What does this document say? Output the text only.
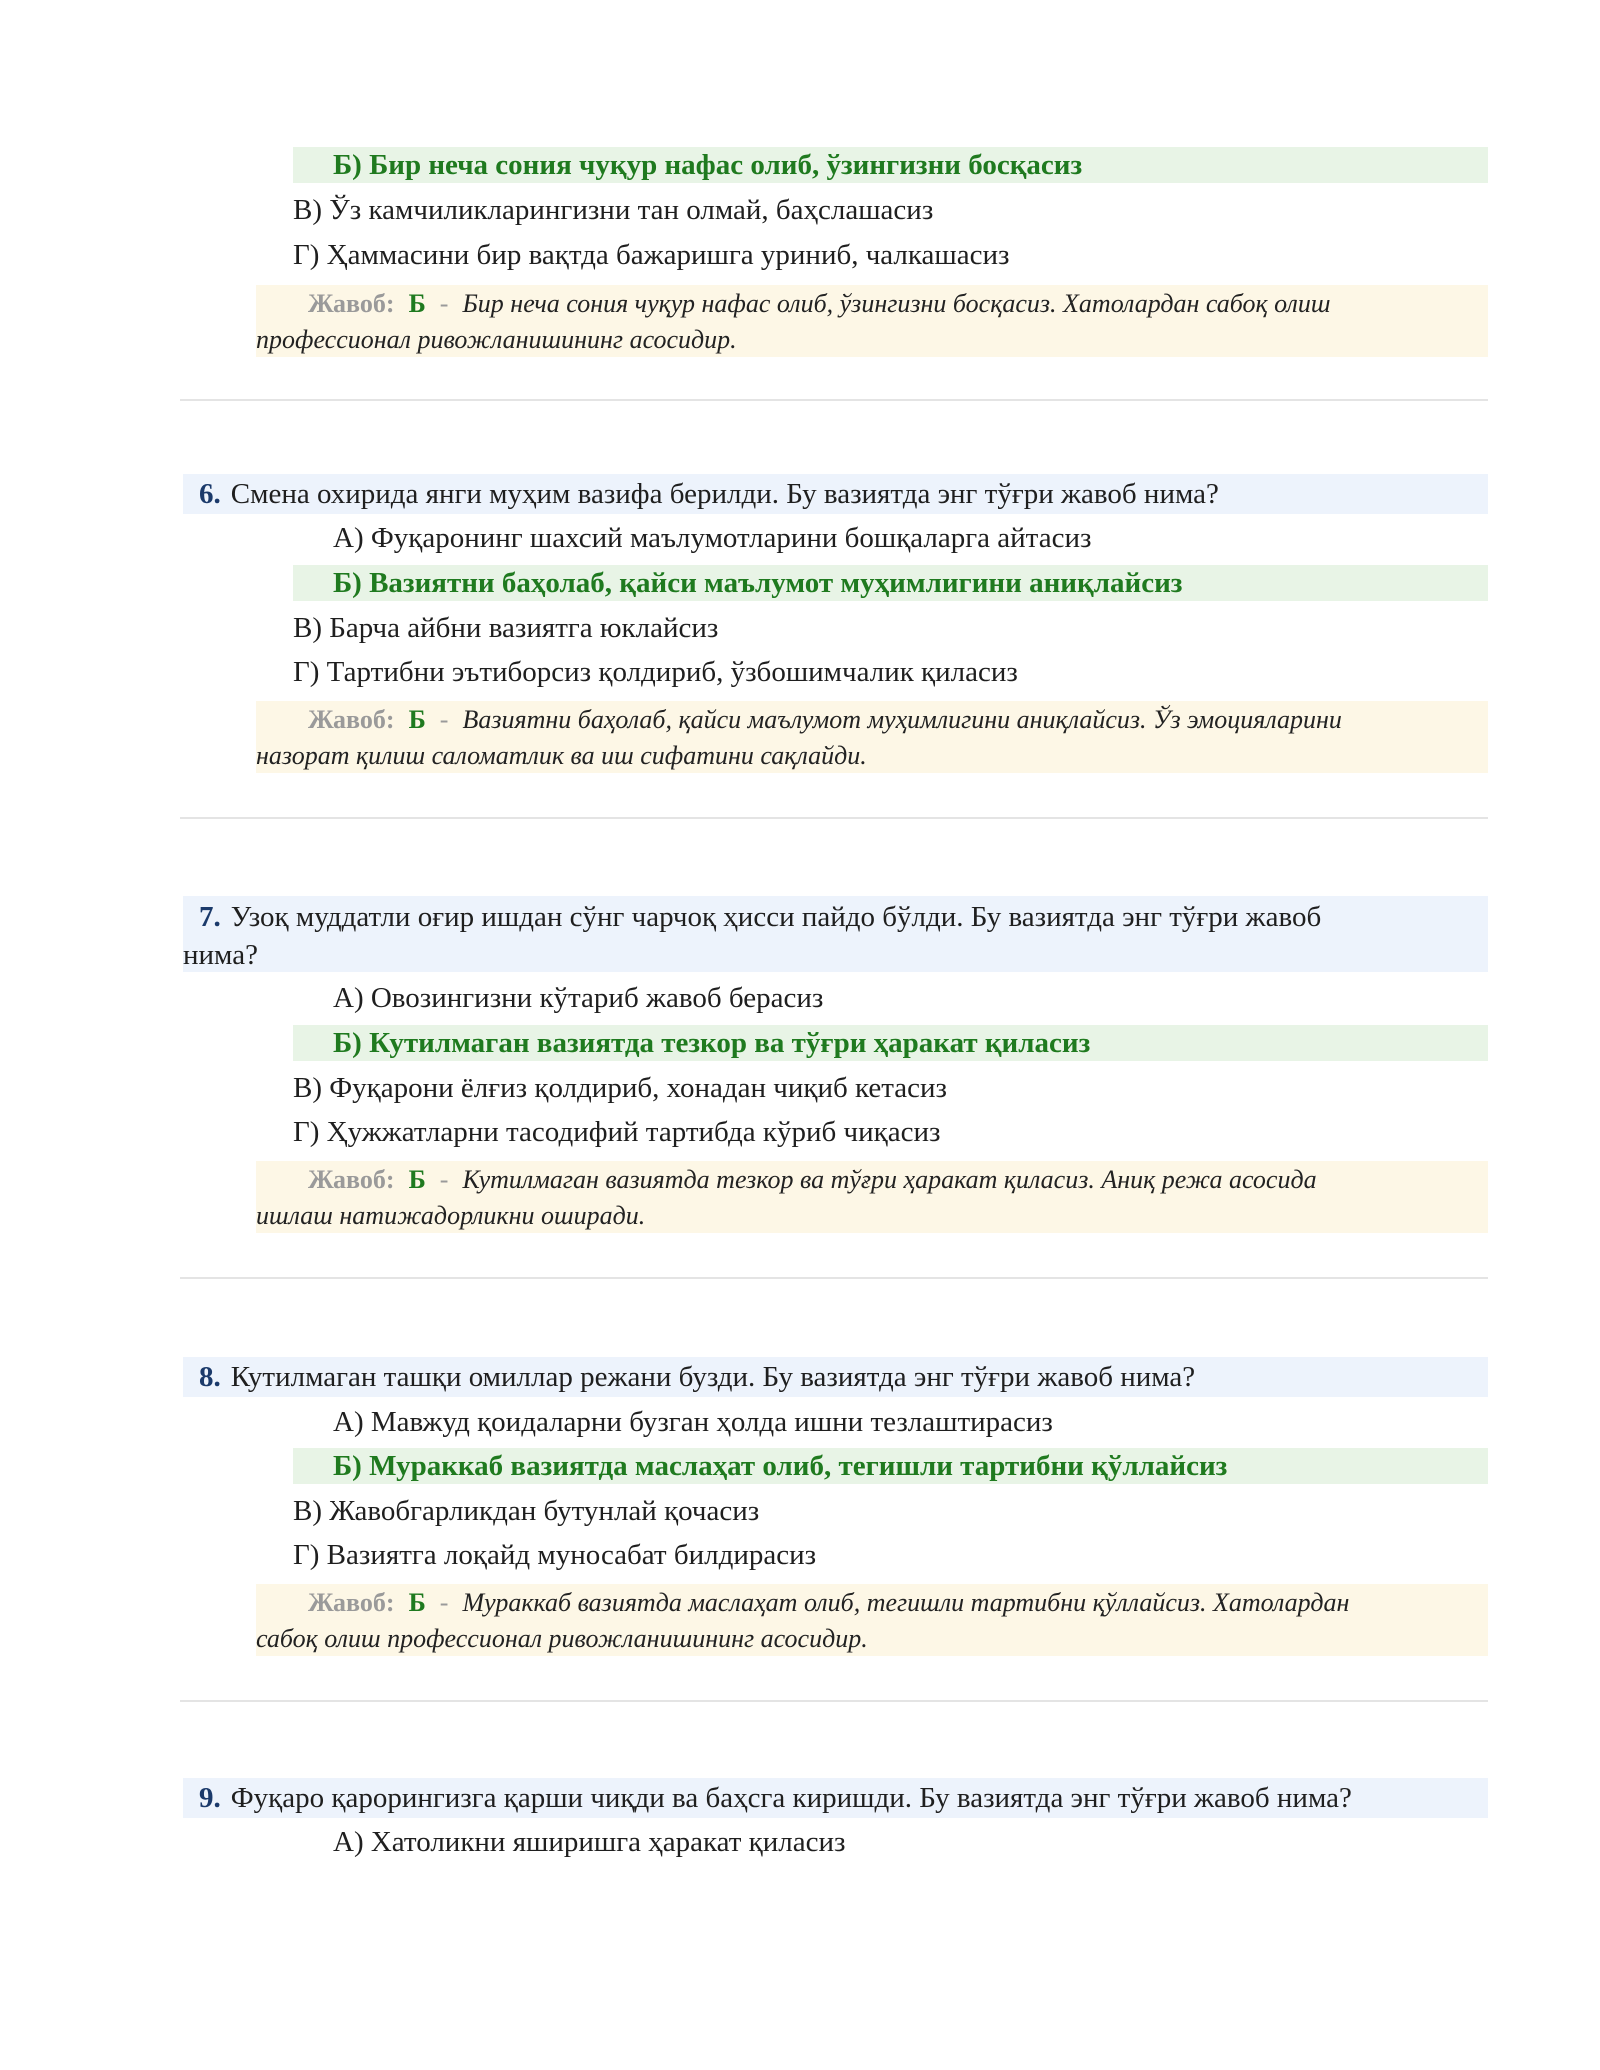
Б) Бир неча сония чуқур нафас олиб, ўзингизни босқасиз
В) Ўз камчиликларингизни тан олмай, баҳслашасиз
Г) Ҳаммасини бир вақтда бажаришга уриниб, чалкашасиз
Жавоб: Б - Бир неча сония чуқур нафас олиб, ўзингизни босқасиз. Хатолардан сабоқ олиш
профессионал ривожланишининг асосидир.
6. Смена охирида янги муҳим вазифа берилди. Бу вазиятда энг тўғри жавоб нима?
А) Фуқаронинг шахсий маълумотларини бошқаларга айтасиз
Б) Вазиятни баҳолаб, қайси маълумот муҳимлигини аниқлайсиз
В) Барча айбни вазиятга юклайсиз
Г) Тартибни эътиборсиз қолдириб, ўзбошимчалик қиласиз
Жавоб: Б - Вазиятни баҳолаб, қайси маълумот муҳимлигини аниқлайсиз. Ўз эмоцияларини
назорат қилиш саломатлик ва иш сифатини сақлайди.
7. Узоқ муддатли оғир ишдан сўнг чарчоқ ҳисси пайдо бўлди. Бу вазиятда энг тўғри жавоб
нима?
А) Овозингизни кўтариб жавоб берасиз
Б) Кутилмаган вазиятда тезкор ва тўғри ҳаракат қиласиз
В) Фуқарони ёлғиз қолдириб, хонадан чиқиб кетасиз
Г) Ҳужжатларни тасодифий тартибда кўриб чиқасиз
Жавоб: Б - Кутилмаган вазиятда тезкор ва тўғри ҳаракат қиласиз. Аниқ режа асосида
ишлаш натижадорликни оширади.
8. Кутилмаган ташқи омиллар режани бузди. Бу вазиятда энг тўғри жавоб нима?
А) Мавжуд қоидаларни бузган ҳолда ишни тезлаштирасиз
Б) Мураккаб вазиятда маслаҳат олиб, тегишли тартибни қўллайсиз
В) Жавобгарликдан бутунлай қочасиз
Г) Вазиятга лоқайд муносабат билдирасиз
Жавоб: Б - Мураккаб вазиятда маслаҳат олиб, тегишли тартибни қўллайсиз. Хатолардан
сабоқ олиш профессионал ривожланишининг асосидир.
9. Фуқаро қарорингизга қарши чиқди ва баҳсга киришди. Бу вазиятда энг тўғри жавоб нима?
А) Хатоликни яширишга ҳаракат қиласиз
